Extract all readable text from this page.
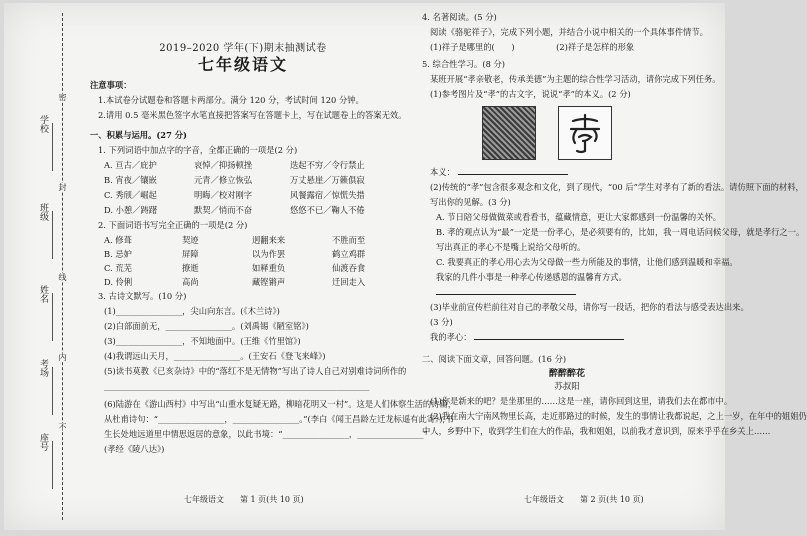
学校
班级
姓名
考场
座号
密
封
线
内
不
2019–2020 学年(下)期末抽测试卷
七年级语文
注意事项：
1.本试卷分试题卷和答题卡两部分。满分 120 分，考试时间 120 分钟。
2.请用 0.5 毫米黑色签字水笔直接把答案写在答题卡上，写在试题卷上的答案无效。
一、积累与运用。(27 分)
1. 下列词语中加点字的字音，全都正确的一项是(2 分)
A. 亘古／庇护	哀悼／抑扬顿挫	迭起不穷／令行禁止
B. 宵夜／镶嵌	元青／修立恢弘	万丈悬崖／万籁俱寂
C. 秀颀／崛起	明晦／校对刚字	风餐露宿／惊慌失措
D. 小憩／踌躇	默契／悄而不奋	悠悠不已／鞠人不倦
2. 下面词语书写完全正确的一项是(2 分)
A. 修葺	契迹	迥翻来来	不胜而至
B. 忌妒	屏障	以为作罢	鹤立鸡群
C. 荒芜	撩逝	如释重负	仙渡吞食
D. 伶俐	高尚	藏铿锵声	迁回走入
3. 古诗文默写。(10 分)
(1)________________，尖山向东言。(《木兰诗》)
(2)白部面前无，________________。(刘禹锡《陋室铭》)
(3)________________，不知地面中。(王维《竹里馆》)
(4)我谓远山天月，________________。(王安石《登飞来峰》)
(5)读书莫教《已亥杂诗》中的“落红不是无情物”写出了诗人自己对别难诗词所作的
________________________________________________________________
(6)陆游在《游山西村》中写出“山重水复疑无路，柳暗花明又一村”。这是人们体察生活的诗篇，
从杜甫诗句：“________________，________________。”(李白《闻王昌龄左迁龙标遥有此寄》);书
生长处地远道里中情思返居的意象，以此书境：“________________，________________”
(孝经《陵八达》)
4. 名著阅读。(5 分)
阅读《骆驼祥子》，完成下列小题，并结合小说中相关的一个具体事件情节。
(1)祥子是哪里的(　　)　　　　　(2)祥子是怎样的形象
5. 综合性学习。(8 分)
某班开展“孝亲敬老，传承美德”为主题的综合性学习活动，请你完成下列任务。
(1)参考图片及“孝”的古文字，说说“孝”的本义。(2 分)
本义：
(2)传统的“孝”包含很多观念和文化，到了现代，“00 后”学生对孝有了新的看法。请仿照下面的材料，
写出你的见解。(3 分)
A. 节日陪父母做做菜或看看书，蕴藏情意，更让大家都感到一份温馨的关怀。
B. 孝的观点认为“最”一定是一份孝心，是必须要有的，比如，我一周电话问候父母，就是孝行之一。
写出真正的孝心不是嘴上说给父母听的。
C. 我要真正的孝心用心去为父母做一些力所能及的事情，让他们感到温暖和幸福。
我家的几件小事是一种孝心传递感恩的温馨育方式。
(3)毕业前宣传栏前往对自己的孝敬父母，请你写一段话，把你的看法与感受表达出来。
(3 分)
我的孝心：
二、阅读下面文章，回答问题。(16 分)
醉醉醉花
苏叔阳
(1)你是新来的吧？是坐那里的……这是一座，请你回到这里，请我们去在都市中。
(2)我在南大宁南风物里长高，走近那路过的时候，发生的事情让我都说起，之上一岁，在年中的姐姐仍
中人，乡野中下，收到学生们在大的作品，我和姐姐，以前我才意识到，原来乎乎在乡关上……
七年级语文　　第 1 页(共 10 页)	七年级语文　　第 2 页(共 10 页)
